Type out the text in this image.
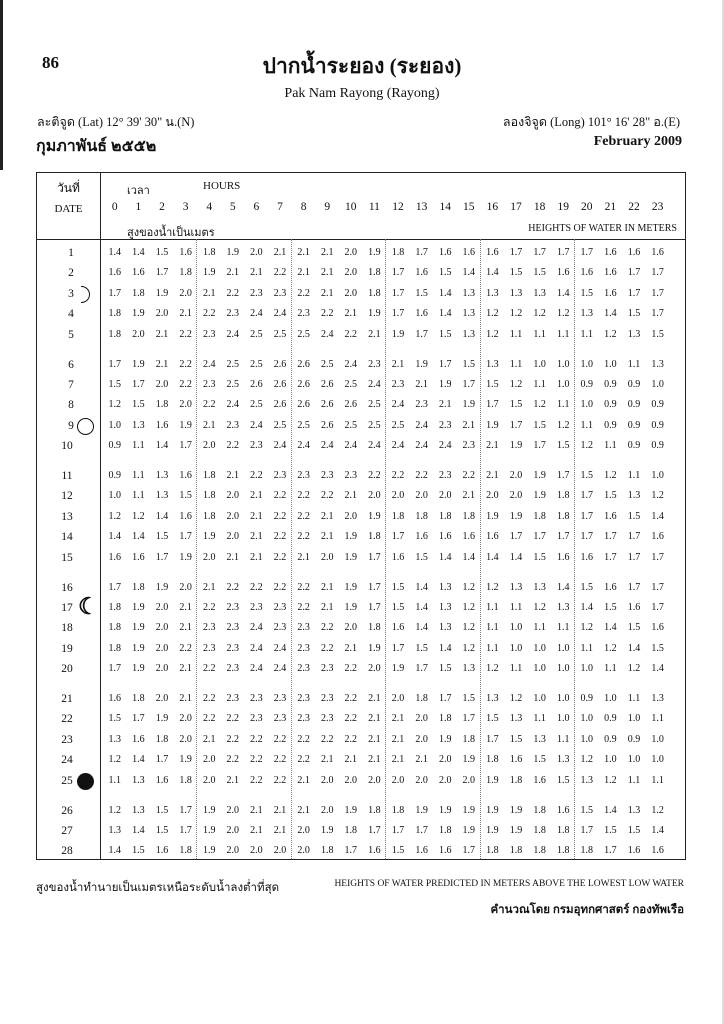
86	ปากน้ำระยอง (ระยอง)
Pak Nam Rayong (Rayong)
ละติจูด (Lat) 12° 39' 30" น.(N)	ลองจิจูด (Long) 101° 16' 28" อ.(E)
กุมภาพันธ์ ๒๕๕๒	February 2009
วันที่
DATE
เวลา	HOURS
สูงของน้ำเป็นเมตร	HEIGHTS OF WATER IN METERS
0	1	2	3	4	5	6	7	8	9	10	11	12	13	14	15	16	17	18	19	20	21	22	23
1	1.4	1.4	1.5	1.6	1.8	1.9	2.0	2.1	2.1	2.1	2.0	1.9	1.8	1.7	1.6	1.6	1.6	1.7	1.7	1.7	1.7	1.6	1.6	1.6
2	1.6	1.6	1.7	1.8	1.9	2.1	2.1	2.2	2.1	2.1	2.0	1.8	1.7	1.6	1.5	1.4	1.4	1.5	1.5	1.6	1.6	1.6	1.7	1.7
3	1.7	1.8	1.9	2.0	2.1	2.2	2.3	2.3	2.2	2.1	2.0	1.8	1.7	1.5	1.4	1.3	1.3	1.3	1.3	1.4	1.5	1.6	1.7	1.7
4	1.8	1.9	2.0	2.1	2.2	2.3	2.4	2.4	2.3	2.2	2.1	1.9	1.7	1.6	1.4	1.3	1.2	1.2	1.2	1.2	1.3	1.4	1.5	1.7
5	1.8	2.0	2.1	2.2	2.3	2.4	2.5	2.5	2.5	2.4	2.2	2.1	1.9	1.7	1.5	1.3	1.2	1.1	1.1	1.1	1.1	1.2	1.3	1.5
6	1.7	1.9	2.1	2.2	2.4	2.5	2.5	2.6	2.6	2.5	2.4	2.3	2.1	1.9	1.7	1.5	1.3	1.1	1.0	1.0	1.0	1.0	1.1	1.3
7	1.5	1.7	2.0	2.2	2.3	2.5	2.6	2.6	2.6	2.6	2.5	2.4	2.3	2.1	1.9	1.7	1.5	1.2	1.1	1.0	0.9	0.9	0.9	1.0
8	1.2	1.5	1.8	2.0	2.2	2.4	2.5	2.6	2.6	2.6	2.6	2.5	2.4	2.3	2.1	1.9	1.7	1.5	1.2	1.1	1.0	0.9	0.9	0.9
9	1.0	1.3	1.6	1.9	2.1	2.3	2.4	2.5	2.5	2.6	2.5	2.5	2.5	2.4	2.3	2.1	1.9	1.7	1.5	1.2	1.1	0.9	0.9	0.9
10	0.9	1.1	1.4	1.7	2.0	2.2	2.3	2.4	2.4	2.4	2.4	2.4	2.4	2.4	2.4	2.3	2.1	1.9	1.7	1.5	1.2	1.1	0.9	0.9
11	0.9	1.1	1.3	1.6	1.8	2.1	2.2	2.3	2.3	2.3	2.3	2.2	2.2	2.2	2.3	2.2	2.1	2.0	1.9	1.7	1.5	1.2	1.1	1.0
12	1.0	1.1	1.3	1.5	1.8	2.0	2.1	2.2	2.2	2.2	2.1	2.0	2.0	2.0	2.0	2.1	2.0	2.0	1.9	1.8	1.7	1.5	1.3	1.2
13	1.2	1.2	1.4	1.6	1.8	2.0	2.1	2.2	2.2	2.1	2.0	1.9	1.8	1.8	1.8	1.8	1.9	1.9	1.8	1.8	1.7	1.6	1.5	1.4
14	1.4	1.4	1.5	1.7	1.9	2.0	2.1	2.2	2.2	2.1	1.9	1.8	1.7	1.6	1.6	1.6	1.6	1.7	1.7	1.7	1.7	1.7	1.7	1.6
15	1.6	1.6	1.7	1.9	2.0	2.1	2.1	2.2	2.1	2.0	1.9	1.7	1.6	1.5	1.4	1.4	1.4	1.4	1.5	1.6	1.6	1.7	1.7	1.7
16	1.7	1.8	1.9	2.0	2.1	2.2	2.2	2.2	2.2	2.1	1.9	1.7	1.5	1.4	1.3	1.2	1.2	1.3	1.3	1.4	1.5	1.6	1.7	1.7
17 ☾ 1.8	1.9	2.0	2.1	2.2	2.3	2.3	2.3	2.2	2.1	1.9	1.7	1.5	1.4	1.3	1.2	1.1	1.1	1.2	1.3	1.4	1.5	1.6	1.7
18	1.8	1.9	2.0	2.1	2.3	2.3	2.4	2.3	2.3	2.2	2.0	1.8	1.6	1.4	1.3	1.2	1.1	1.0	1.1	1.1	1.2	1.4	1.5	1.6
19	1.8	1.9	2.0	2.2	2.3	2.3	2.4	2.4	2.3	2.2	2.1	1.9	1.7	1.5	1.4	1.2	1.1	1.0	1.0	1.0	1.1	1.2	1.4	1.5
20	1.7	1.9	2.0	2.1	2.2	2.3	2.4	2.4	2.3	2.3	2.2	2.0	1.9	1.7	1.5	1.3	1.2	1.1	1.0	1.0	1.0	1.1	1.2	1.4
21	1.6	1.8	2.0	2.1	2.2	2.3	2.3	2.3	2.3	2.3	2.2	2.1	2.0	1.8	1.7	1.5	1.3	1.2	1.0	1.0	0.9	1.0	1.1	1.3
22	1.5	1.7	1.9	2.0	2.2	2.2	2.3	2.3	2.3	2.3	2.2	2.1	2.1	2.0	1.8	1.7	1.5	1.3	1.1	1.0	1.0	0.9	1.0	1.1
23	1.3	1.6	1.8	2.0	2.1	2.2	2.2	2.2	2.2	2.2	2.2	2.1	2.1	2.0	1.9	1.8	1.7	1.5	1.3	1.1	1.0	0.9	0.9	1.0
24	1.2	1.4	1.7	1.9	2.0	2.2	2.2	2.2	2.2	2.1	2.1	2.1	2.1	2.1	2.0	1.9	1.8	1.6	1.5	1.3	1.2	1.0	1.0	1.0
25	1.1	1.3	1.6	1.8	2.0	2.1	2.2	2.2	2.1	2.0	2.0	2.0	2.0	2.0	2.0	2.0	1.9	1.8	1.6	1.5	1.3	1.2	1.1	1.1
26	1.2	1.3	1.5	1.7	1.9	2.0	2.1	2.1	2.1	2.0	1.9	1.8	1.8	1.9	1.9	1.9	1.9	1.9	1.8	1.6	1.5	1.4	1.3	1.2
27	1.3	1.4	1.5	1.7	1.9	2.0	2.1	2.1	2.0	1.9	1.8	1.7	1.7	1.7	1.8	1.9	1.9	1.9	1.8	1.8	1.7	1.5	1.5	1.4
28	1.4	1.5	1.6	1.8	1.9	2.0	2.0	2.0	2.0	1.8	1.7	1.6	1.5	1.6	1.6	1.7	1.8	1.8	1.8	1.8	1.8	1.7	1.6	1.6
สูงของน้ำทำนายเป็นเมตรเหนือระดับน้ำลงต่ำที่สุด	HEIGHTS OF WATER PREDICTED IN METERS ABOVE THE LOWEST LOW WATER
คำนวณโดย กรมอุทกศาสตร์ กองทัพเรือ
